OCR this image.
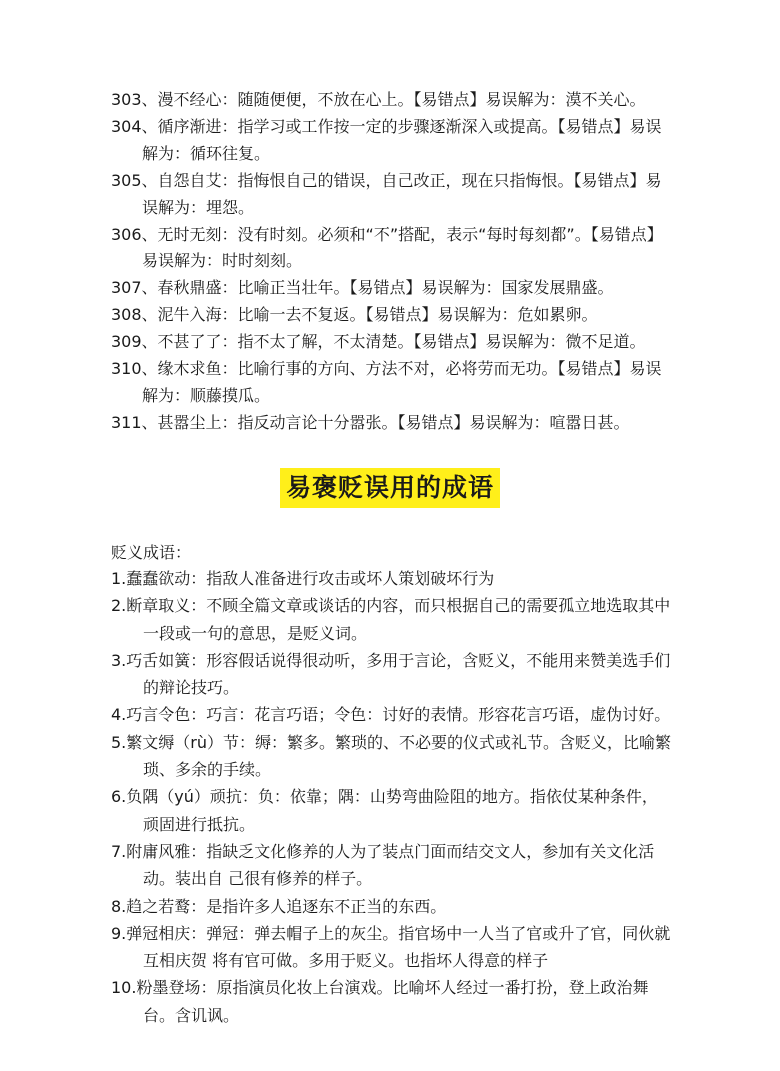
303、漫不经心：随随便便，不放在心上。【易错点】易误解为：漠不关心。

304、循序渐进：指学习或工作按一定的步骤逐渐深入或提高。【易错点】易误解为：循环往复。

305、自怨自艾：指悔恨自己的错误，自己改正，现在只指悔恨。【易错点】易误解为：埋怨。

306、无时无刻：没有时刻。必须和“不”搭配，表示“每时每刻都”。【易错点】易误解为：时时刻刻。

307、春秋鼎盛：比喻正当壮年。【易错点】易误解为：国家发展鼎盛。

308、泥牛入海：比喻一去不复返。【易错点】易误解为：危如累卵。

309、不甚了了：指不太了解，不太清楚。【易错点】易误解为：微不足道。

310、缘木求鱼：比喻行事的方向、方法不对，必将劳而无功。【易错点】易误解为：顺藤摸瓜。

311、甚嚣尘上：指反动言论十分嚣张。【易错点】易误解为：喧嚣日甚。

易褒贬误用的成语

贬义成语：

1.蠢蠢欲动：指敌人准备进行攻击或坏人策划破坏行为

2.断章取义：不顾全篇文章或谈话的内容，而只根据自己的需要孤立地选取其中一段或一句的意思，是贬义词。

3.巧舌如簧：形容假话说得很动听，多用于言论，含贬义，不能用来赞美选手们的辩论技巧。

4.巧言令色：巧言：花言巧语；令色：讨好的表情。形容花言巧语，虚伪讨好。

5.繁文缛（rù）节：缛：繁多。繁琐的、不必要的仪式或礼节。含贬义，比喻繁琐、多余的手续。

6.负隅（yú）顽抗：负：依靠；隅：山势弯曲险阻的地方。指依仗某种条件，顽固进行抵抗。

7.附庸风雅：指缺乏文化修养的人为了装点门面而结交文人，参加有关文化活动。装出自 己很有修养的样子。

8.趋之若鹜：是指许多人追逐东不正当的东西。

9.弹冠相庆：弹冠：弹去帽子上的灰尘。指官场中一人当了官或升了官，同伙就互相庆贺 将有官可做。多用于贬义。也指坏人得意的样子

10.粉墨登场：原指演员化妆上台演戏。比喻坏人经过一番打扮，登上政治舞台。含讥讽。
